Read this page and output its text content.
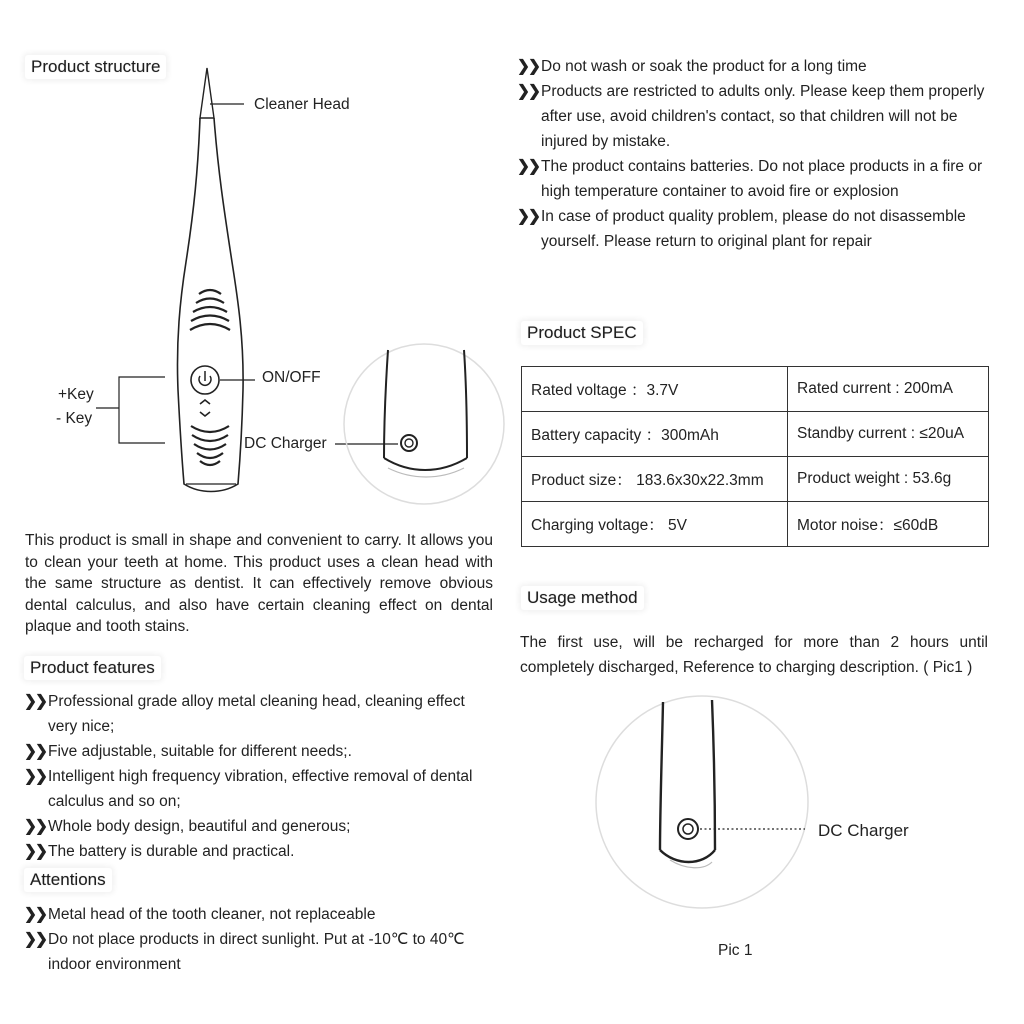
Product structure
Cleaner Head
ON/OFF
+Key
- Key
DC Charger
This product is small in shape and convenient to carry. It allows you to clean your teeth at home. This product uses a clean head with the same structure as dentist. It can effectively remove obvious dental calculus, and also have certain cleaning effect on dental plaque and tooth stains.
Product features
❯❯ Professional grade alloy metal cleaning head, cleaning effect very nice;
❯❯ Five adjustable, suitable for different needs;.
❯❯ Intelligent high frequency vibration, effective removal of dental calculus and so on;
❯❯ Whole body design, beautiful and generous;
❯❯ The battery is durable and practical.
Attentions
❯❯ Metal head of the tooth cleaner, not replaceable
❯❯ Do not place products in direct sunlight. Put at -10℃ to 40℃ indoor environment
❯❯ Do not wash or soak the product for a long time
❯❯ Products are restricted to adults only. Please keep them properly after use, avoid children's contact, so that children will not be injured by mistake.
❯❯ The product contains batteries. Do not place products in a fire or high temperature container to avoid fire or explosion
❯❯ In case of product quality problem, please do not disassemble yourself. Please return to original plant for repair
Product SPEC
Rated voltage ：3.7V	Rated current : 200mA
Battery capacity ：300mAh	Standby current : ≤20uA
Product size： 183.6x30x22.3mm	Product weight : 53.6g
Charging voltage： 5V	Motor noise：≤60dB
Usage method
The first use, will be recharged for more than 2 hours until completely discharged, Reference to charging description. ( Pic1 )
DC Charger
Pic 1
